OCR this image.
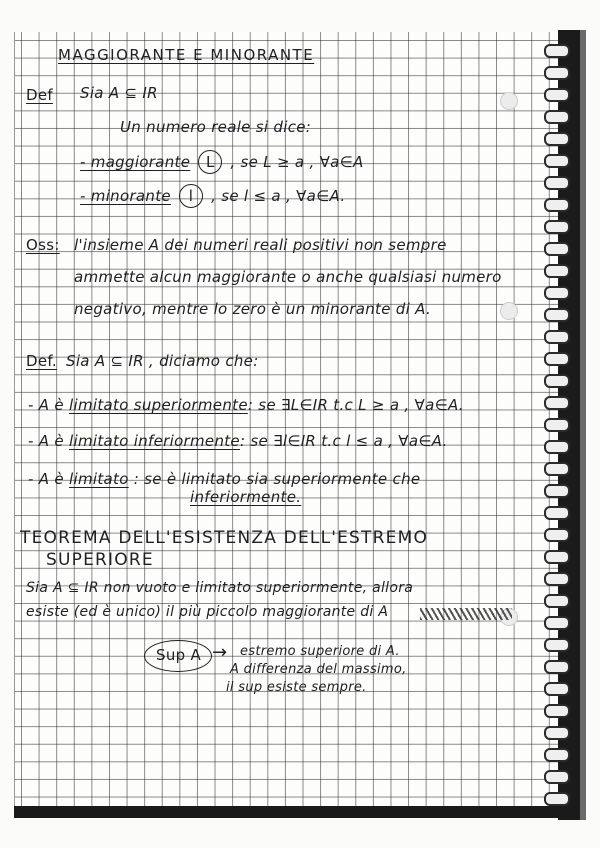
MAGGIORANTE E MINORANTE
Def Sia A ⊆ IR
Un numero reale si dice:
- maggiorante L , se L ≥ a , ∀a∈A
- minorante l , se l ≤ a , ∀a∈A.
Oss: l'insieme A dei numeri reali positivi non sempre
ammette alcun maggiorante o anche qualsiasi numero
negativo, mentre lo zero è un minorante di A.
Def. Sia A ⊆ IR , diciamo che:
- A è limitato superiormente: se ∃L∈IR t.c L ≥ a , ∀a∈A.
- A è limitato inferiormente: se ∃l∈IR t.c l ≤ a , ∀a∈A.
- A è limitato : se è limitato sia superiormente che
inferiormente.
TEOREMA DELL'ESISTENZA DELL'ESTREMO
SUPERIORE
Sia A ⊆ IR non vuoto e limitato superiormente, allora
esiste (ed è unico) il più piccolo maggiorante di A
Sup A → estremo superiore di A.
A differenza del massimo,
il sup esiste sempre.
